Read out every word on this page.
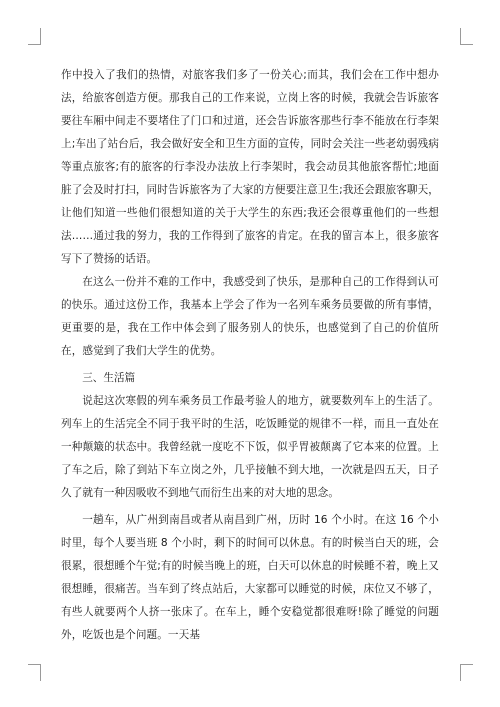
作中投入了我们的热情，对旅客我们多了一份关心;而其，我们会在工作中想办法，给旅客创造方便。那我自己的工作来说，立岗上客的时候，我就会告诉旅客要往车厢中间走不要堵住了门口和过道，还会告诉旅客那些行李不能放在行李架上;车出了站台后，我会做好安全和卫生方面的宣传，同时会关注一些老幼弱残病等重点旅客;有的旅客的行李没办法放上行李架时，我会动员其他旅客帮忙;地面脏了会及时打扫，同时告诉旅客为了大家的方便要注意卫生;我还会跟旅客聊天，让他们知道一些他们很想知道的关于大学生的东西;我还会很尊重他们的一些想法……通过我的努力，我的工作得到了旅客的肯定。在我的留言本上，很多旅客写下了赞扬的话语。

在这么一份并不难的工作中，我感受到了快乐，是那种自己的工作得到认可的快乐。通过这份工作，我基本上学会了作为一名列车乘务员要做的所有事情，更重要的是，我在工作中体会到了服务别人的快乐，也感觉到了自己的价值所在，感觉到了我们大学生的优势。

三、生活篇

说起这次寒假的列车乘务员工作最考验人的地方，就要数列车上的生活了。列车上的生活完全不同于我平时的生活，吃饭睡觉的规律不一样，而且一直处在一种颠簸的状态中。我曾经就一度吃不下饭，似乎胃被颠离了它本来的位置。上了车之后，除了到站下车立岗之外，几乎接触不到大地，一次就是四五天，日子久了就有一种因吸收不到地气而衍生出来的对大地的思念。

一趟车，从广州到南昌或者从南昌到广州，历时 16 个小时。在这 16 个小时里，每个人要当班 8 个小时，剩下的时间可以休息。有的时候当白天的班，会很累，很想睡个午觉;有的时候当晚上的班，白天可以休息的时候睡不着，晚上又很想睡，很痛苦。当车到了终点站后，大家都可以睡觉的时候，床位又不够了，有些人就要两个人挤一张床了。在车上，睡个安稳觉都很难呀!除了睡觉的问题外，吃饭也是个问题。一天基
